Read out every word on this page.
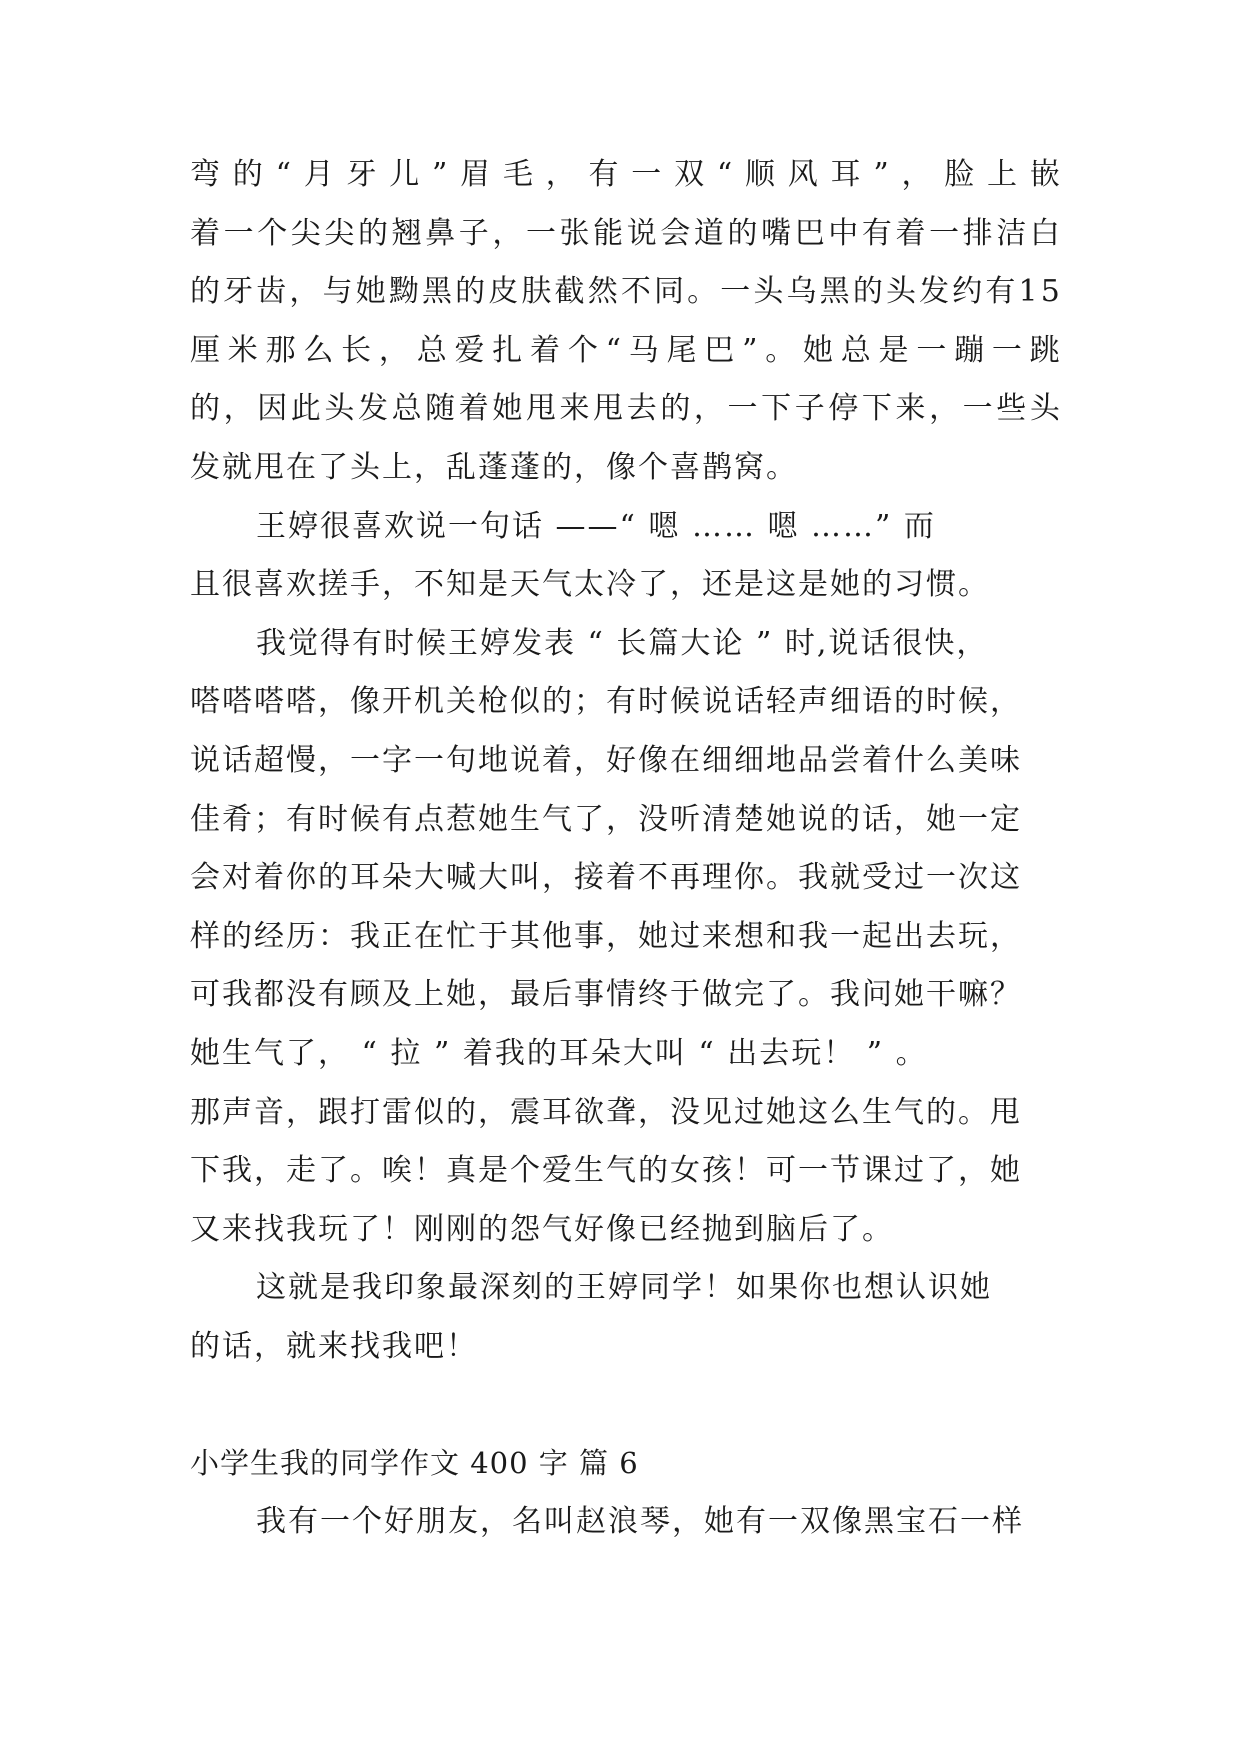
弯 的 “ 月 牙 儿 ” 眉 毛 ， 有 一 双 “ 顺 风 耳 ” ， 脸 上 嵌
着 一 个 尖 尖 的 翘 鼻 子 ， 一 张 能 说 会 道 的 嘴 巴 中 有 着 一 排 洁 白
的 牙 齿 ， 与 她 黝 黑 的 皮 肤 截 然 不 同 。 一 头 乌 黑 的 头 发 约 有 1 5
厘 米 那 么 长 ， 总 爱 扎 着 个 “ 马 尾 巴 ” 。 她 总 是 一 蹦 一 跳
的 ， 因 此 头 发 总 随 着 她 甩 来 甩 去 的 ， 一 下 子 停 下 来 ， 一 些 头
发就甩在了头上，乱蓬蓬的，像个喜鹊窝。
王婷很喜欢说一句话 ——“ 嗯 …… 嗯 ……” 而
且很喜欢搓手，不知是天气太冷了，还是这是她的习惯。
我觉得有时候王婷发表 “ 长篇大论 ” 时,说话很快，
嗒嗒嗒嗒，像开机关枪似的；有时候说话轻声细语的时候，
说话超慢，一字一句地说着，好像在细细地品尝着什么美味
佳肴；有时候有点惹她生气了，没听清楚她说的话，她一定
会对着你的耳朵大喊大叫，接着不再理你。我就受过一次这
样的经历：我正在忙于其他事，她过来想和我一起出去玩，
可我都没有顾及上她，最后事情终于做完了。我问她干嘛？
她生气了， “ 拉 ” 着我的耳朵大叫 “ 出去玩！ ” 。
那声音，跟打雷似的，震耳欲聋，没见过她这么生气的。甩
下我，走了。唉！真是个爱生气的女孩！可一节课过了，她
又来找我玩了！刚刚的怨气好像已经抛到脑后了。
这就是我印象最深刻的王婷同学！如果你也想认识她
的话，就来找我吧！
小学生我的同学作文 400 字 篇 6
我有一个好朋友，名叫赵浪琴，她有一双像黑宝石一样
